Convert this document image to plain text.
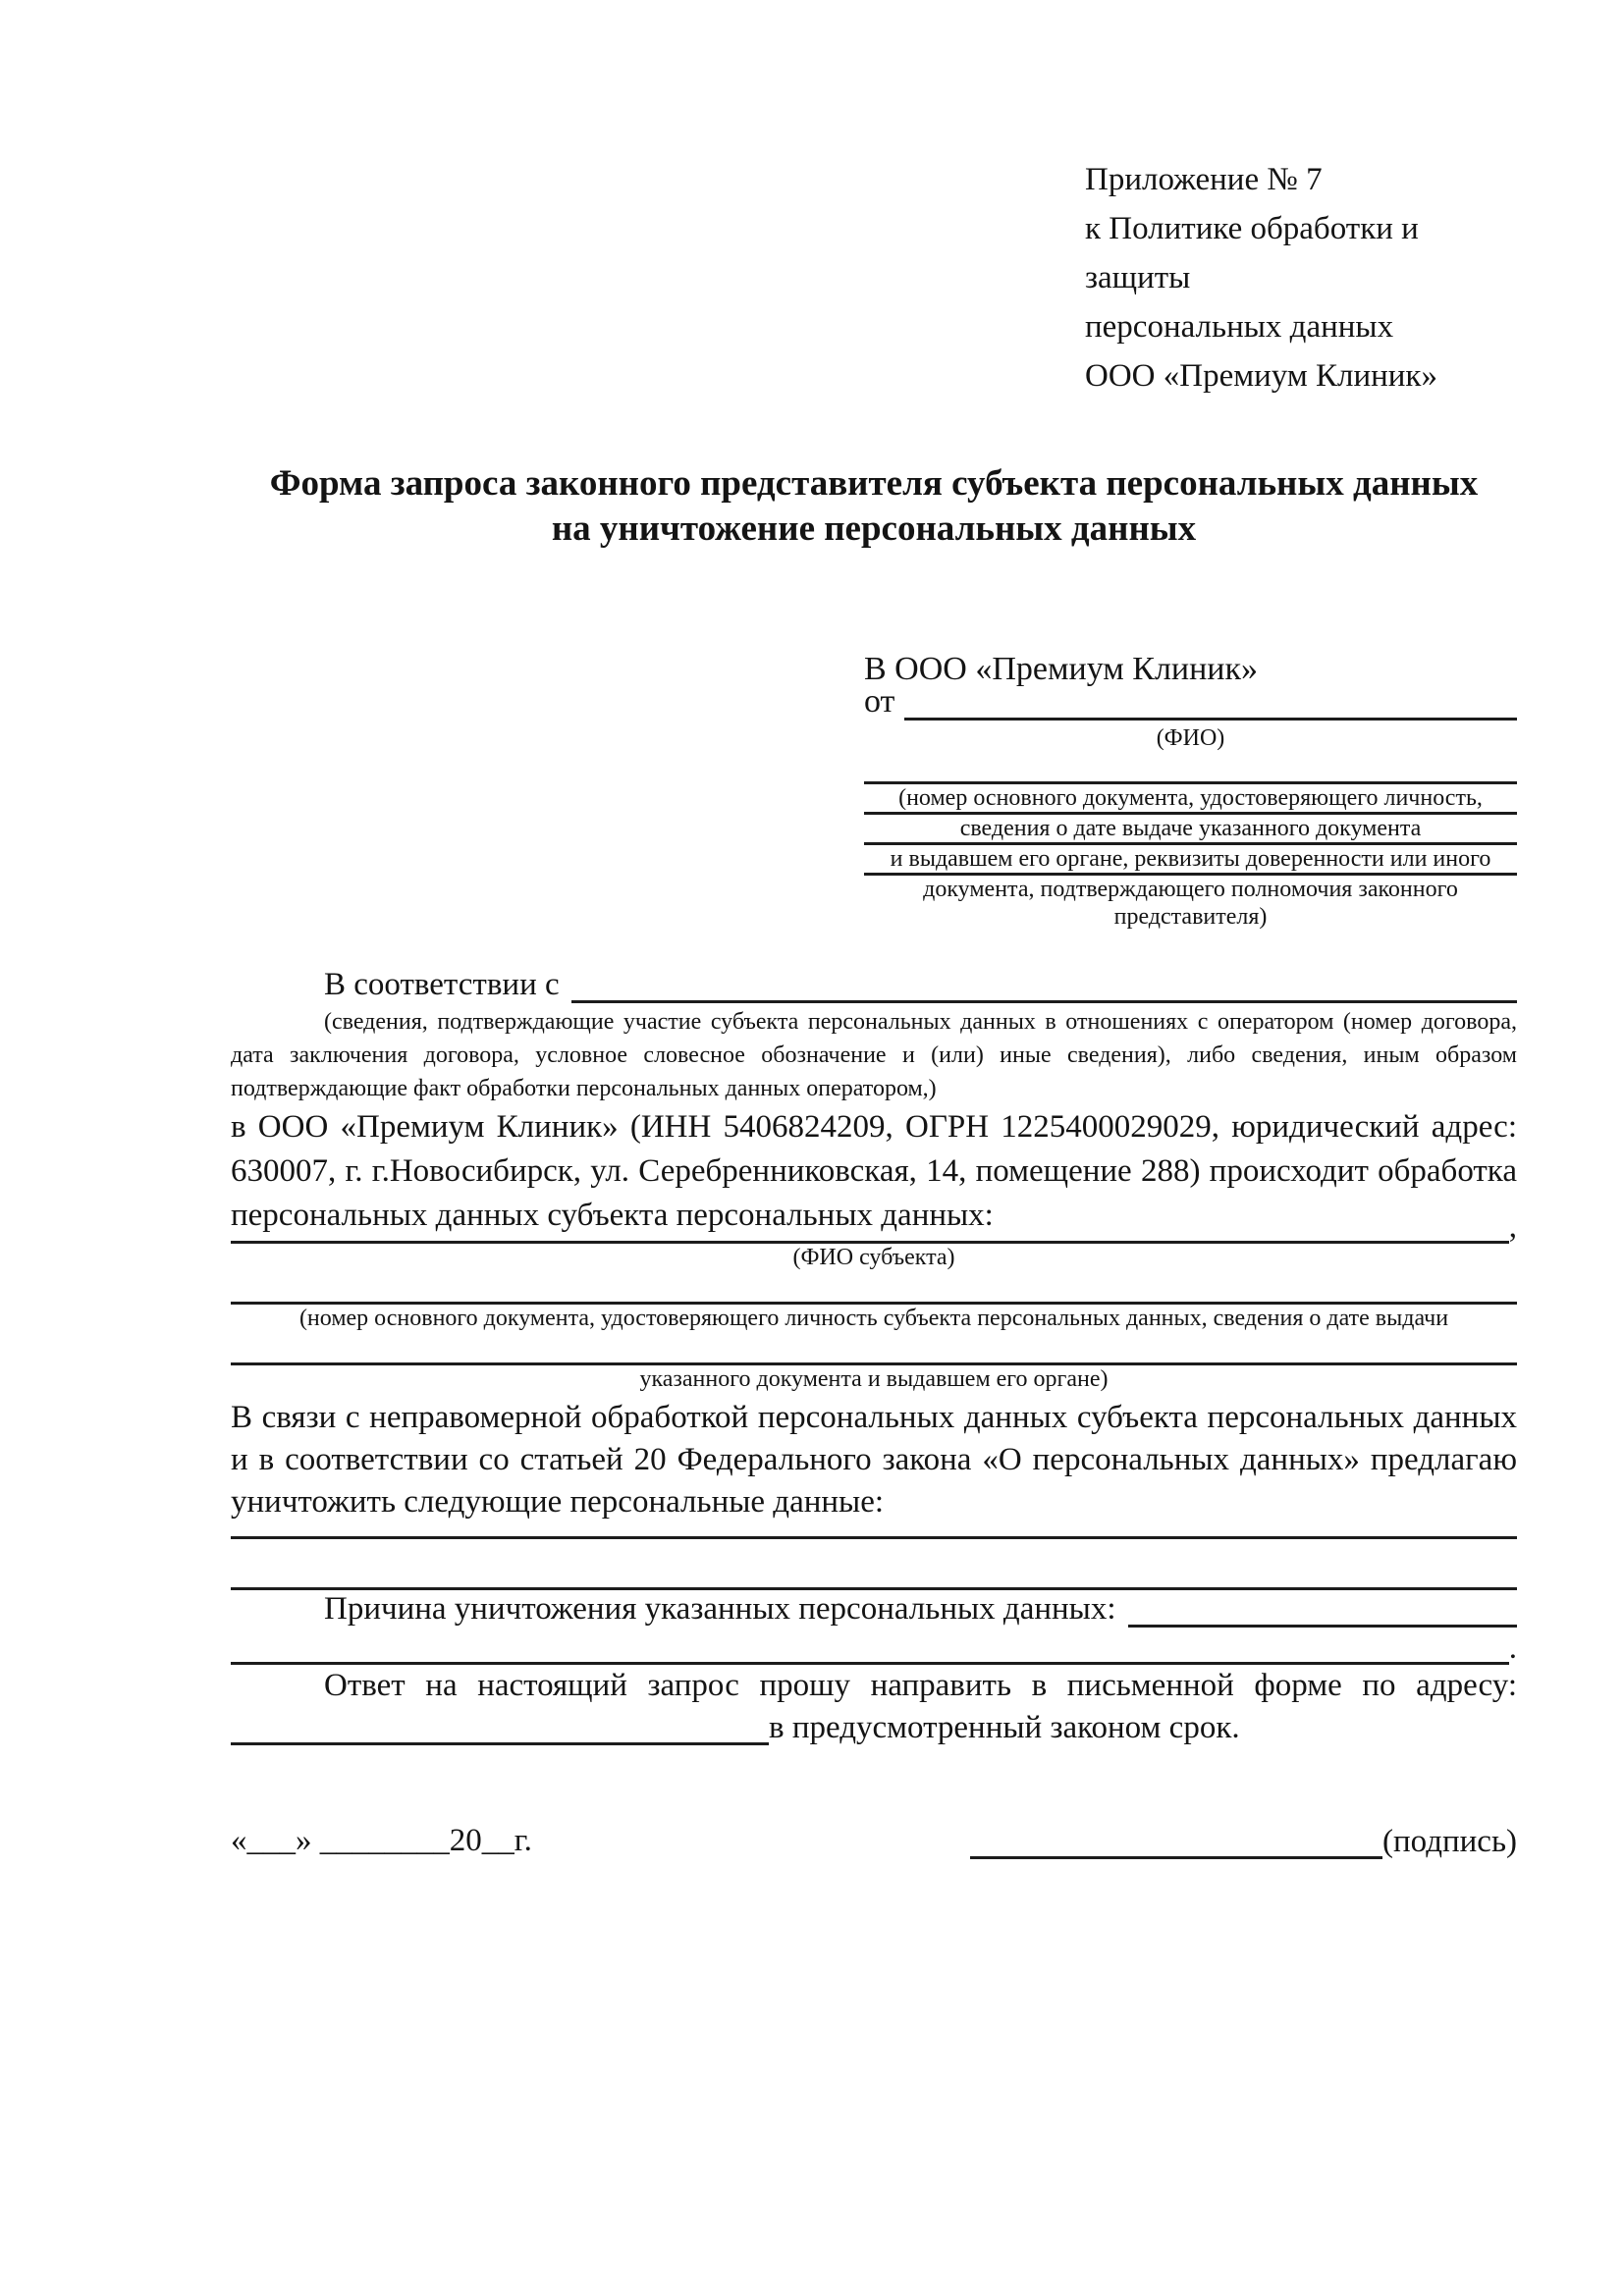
Приложение № 7
к Политике обработки и защиты
персональных данных
ООО «Премиум Клиник»
Форма запроса законного представителя субъекта персональных данных
на уничтожение персональных данных
В ООО «Премиум Клиник»
от
(ФИО)
(номер основного документа, удостоверяющего личность,
сведения о дате выдаче указанного документа
и выдавшем его органе, реквизиты доверенности или иного
документа, подтверждающего полномочия законного представителя)
В соответствии с

(сведения, подтверждающие участие субъекта персональных данных в отношениях с оператором (номер договора, дата заключения договора, условное словесное обозначение и (или) иные сведения), либо сведения, иным образом подтверждающие факт обработки персональных данных оператором,)

в ООО «Премиум Клиник» (ИНН 5406824209, ОГРН 1225400029029, юридический адрес: 630007, г. г.Новосибирск, ул. Серебренниковская, 14, помещение 288) происходит обработка персональных данных субъекта персональных данных:	,
(ФИО субъекта)
(номер основного документа, удостоверяющего личность субъекта персональных данных, сведения о дате выдачи
указанного документа и выдавшем его органе)

В связи с неправомерной обработкой персональных данных субъекта персональных данных и в соответствии со статьей 20 Федерального закона «О персональных данных» предлагаю уничтожить следующие персональные данные:

Причина уничтожения указанных персональных данных:
.

Ответ на настоящий запрос прошу направить в письменной форме по адресу:

в предусмотренный законом срок.
«___» ________20__г.	(подпись)
